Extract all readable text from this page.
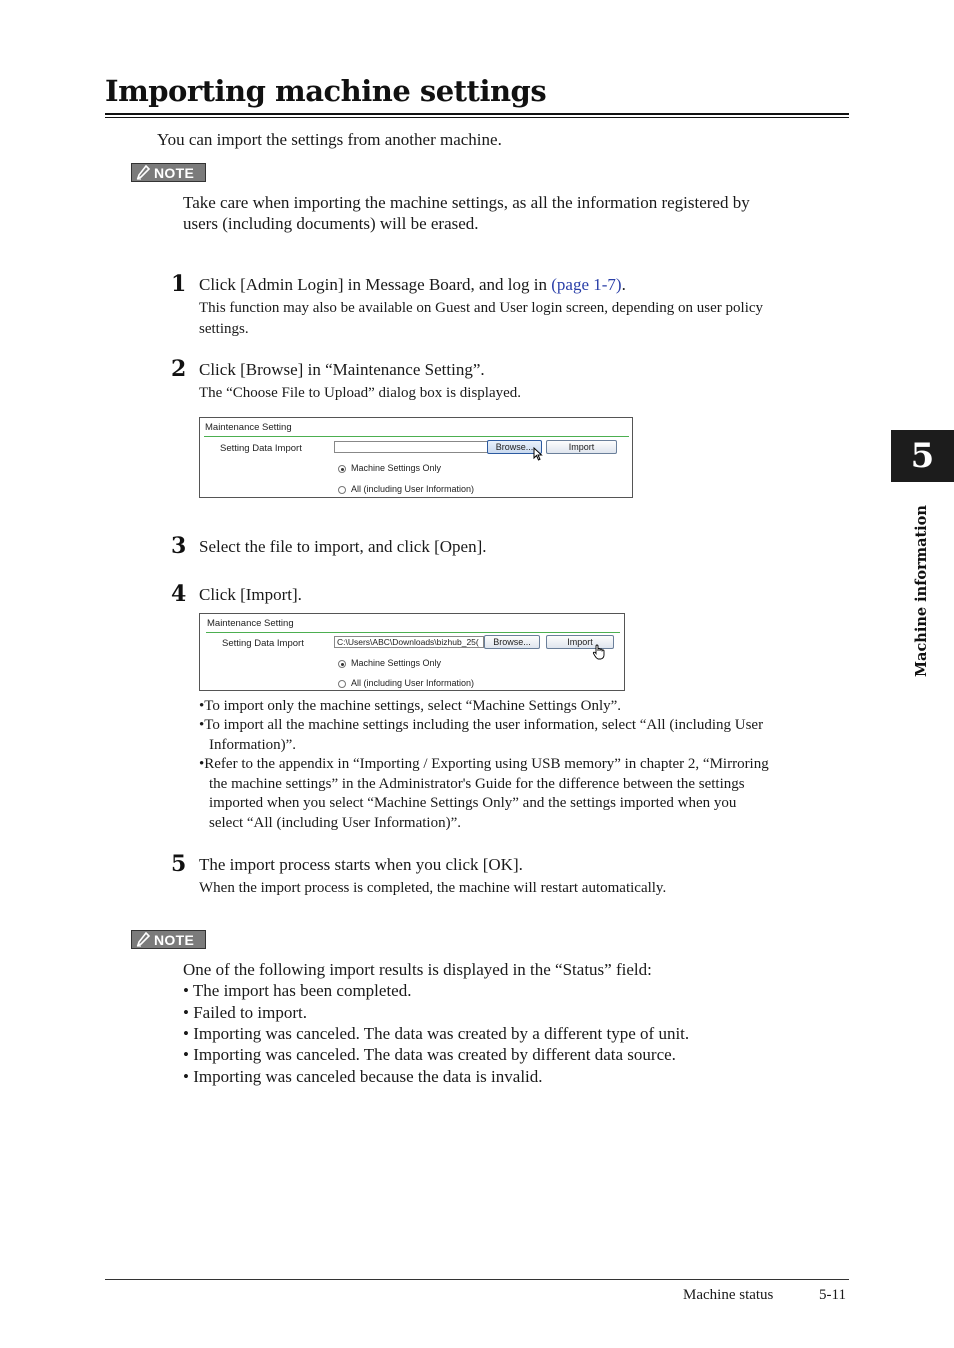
Importing machine settings
You can import the settings from another machine.
NOTE
Take care when importing the machine settings, as all the information registered by
users (including documents) will be erased.
1 Click [Admin Login] in Message Board, and log in (page 1-7).
This function may also be available on Guest and User login screen, depending on user policy
settings.
2 Click [Browse] in “Maintenance Setting”.
The “Choose File to Upload” dialog box is displayed.
Maintenance Setting
Setting Data Import	Browse...	Import
Machine Settings Only
All (including User Information)
3 Select the file to import, and click [Open].
4 Click [Import].
Maintenance Setting
Setting Data Import	C:\Users\ABC\Downloads\bizhub_25(	Browse...	Import
Machine Settings Only
All (including User Information)
•To import only the machine settings, select “Machine Settings Only”.
•To import all the machine settings including the user information, select “All (including User
Information)”.
•Refer to the appendix in “Importing / Exporting using USB memory” in chapter 2, “Mirroring
the machine settings” in the Administrator's Guide for the difference between the settings
imported when you select “Machine Settings Only” and the settings imported when you
select “All (including User Information)”.
5 The import process starts when you click [OK].
When the import process is completed, the machine will restart automatically.
NOTE
One of the following import results is displayed in the “Status” field:
• The import has been completed.
• Failed to import.
• Importing was canceled. The data was created by a different type of unit.
• Importing was canceled. The data was created by different data source.
• Importing was canceled because the data is invalid.
5
Machine information
Machine status	5-11
